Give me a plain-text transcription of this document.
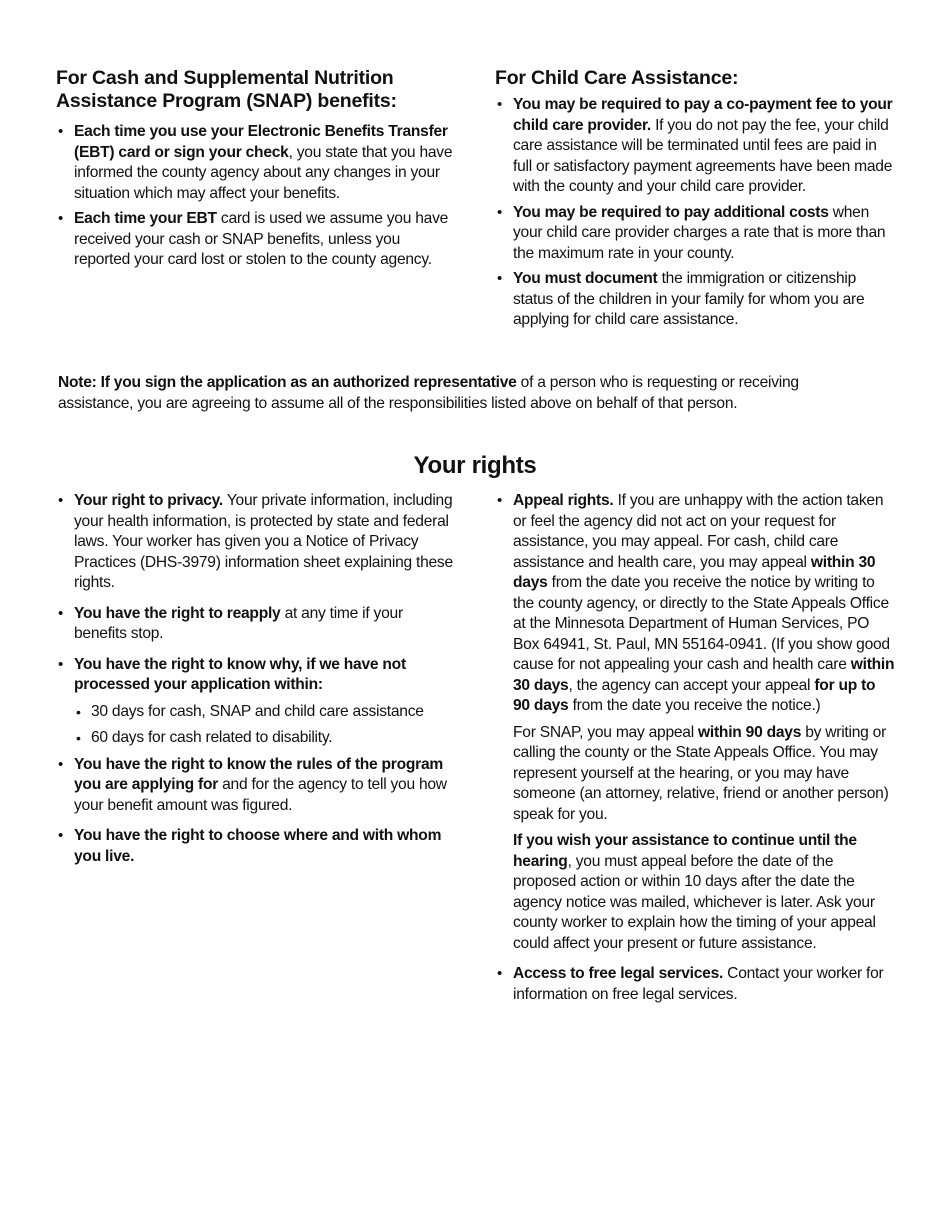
For Cash and Supplemental Nutrition Assistance Program (SNAP) benefits:
• Each time you use your Electronic Benefits Transfer (EBT) card or sign your check, you state that you have informed the county agency about any changes in your situation which may affect your benefits.
• Each time your EBT card is used we assume you have received your cash or SNAP benefits, unless you reported your card lost or stolen to the county agency.
For Child Care Assistance:
• You may be required to pay a co-payment fee to your child care provider. If you do not pay the fee, your child care assistance will be terminated until fees are paid in full or satisfactory payment agreements have been made with the county and your child care provider.
• You may be required to pay additional costs when your child care provider charges a rate that is more than the maximum rate in your county.
• You must document the immigration or citizenship status of the children in your family for whom you are applying for child care assistance.

Note: If you sign the application as an authorized representative of a person who is requesting or receiving assistance, you are agreeing to assume all of the responsibilities listed above on behalf of that person.

Your rights
• Your right to privacy. Your private information, including your health information, is protected by state and federal laws. Your worker has given you a Notice of Privacy Practices (DHS-3979) information sheet explaining these rights.
• You have the right to reapply at any time if your benefits stop.
• You have the right to know why, if we have not processed your application within:
• 30 days for cash, SNAP and child care assistance
• 60 days for cash related to disability.
• You have the right to know the rules of the program you are applying for and for the agency to tell you how your benefit amount was figured.
• You have the right to choose where and with whom you live.
• Appeal rights. If you are unhappy with the action taken or feel the agency did not act on your request for assistance, you may appeal. For cash, child care assistance and health care, you may appeal within 30 days from the date you receive the notice by writing to the county agency, or directly to the State Appeals Office at the Minnesota Department of Human Services, PO Box 64941, St. Paul, MN 55164-0941. (If you show good cause for not appealing your cash and health care within 30 days, the agency can accept your appeal for up to 90 days from the date you receive the notice.)

For SNAP, you may appeal within 90 days by writing or calling the county or the State Appeals Office. You may represent yourself at the hearing, or you may have someone (an attorney, relative, friend or another person) speak for you.

If you wish your assistance to continue until the hearing, you must appeal before the date of the proposed action or within 10 days after the date the agency notice was mailed, whichever is later. Ask your county worker to explain how the timing of your appeal could affect your present or future assistance.

• Access to free legal services. Contact your worker for information on free legal services.
